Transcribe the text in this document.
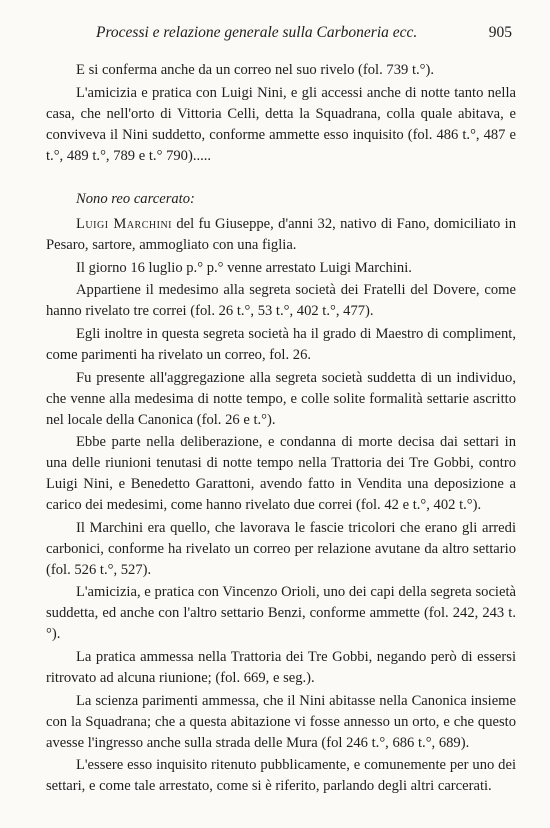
Processi e relazione generale sulla Carboneria ecc.	905

E si conferma anche da un correo nel suo rivelo (fol. 739 t.°).

L'amicizia e pratica con Luigi Nini, e gli accessi anche di notte tanto nella casa, che nell'orto di Vittoria Celli, detta la Squadrana, colla quale abitava, e conviveva il Nini suddetto, conforme ammette esso inquisito (fol. 486 t.°, 487 e t.°, 489 t.°, 789 e t.° 790).....

Nono reo carcerato:

Luigi Marchini del fu Giuseppe, d'anni 32, nativo di Fano, domiciliato in Pesaro, sartore, ammogliato con una figlia.

Il giorno 16 luglio p.° p.° venne arrestato Luigi Marchini.

Appartiene il medesimo alla segreta società dei Fratelli del Dovere, come hanno rivelato tre correi (fol. 26 t.°, 53 t.°, 402 t.°, 477).

Egli inoltre in questa segreta società ha il grado di Maestro di compliment, come parimenti ha rivelato un correo, fol. 26.

Fu presente all'aggregazione alla segreta società suddetta di un individuo, che venne alla medesima di notte tempo, e colle solite formalità settarie ascritto nel locale della Canonica (fol. 26 e t.°).

Ebbe parte nella deliberazione, e condanna di morte decisa dai settari in una delle riunioni tenutasi di notte tempo nella Trattoria dei Tre Gobbi, contro Luigi Nini, e Benedetto Garattoni, avendo fatto in Vendita una deposizione a carico dei medesimi, come hanno rivelato due correi (fol. 42 e t.°, 402 t.°).

Il Marchini era quello, che lavorava le fascie tricolori che erano gli arredi carbonici, conforme ha rivelato un correo per relazione avutane da altro settario (fol. 526 t.°, 527).

L'amicizia, e pratica con Vincenzo Orioli, uno dei capi della segreta società suddetta, ed anche con l'altro settario Benzi, conforme ammette (fol. 242, 243 t.°).

La pratica ammessa nella Trattoria dei Tre Gobbi, negando però di essersi ritrovato ad alcuna riunione; (fol. 669, e seg.).

La scienza parimenti ammessa, che il Nini abitasse nella Canonica insieme con la Squadrana; che a questa abitazione vi fosse annesso un orto, e che questo avesse l'ingresso anche sulla strada delle Mura (fol 246 t.°, 686 t.°, 689).

L'essere esso inquisito ritenuto pubblicamente, e comunemente per uno dei settari, e come tale arrestato, come si è riferito, parlando degli altri carcerati.
